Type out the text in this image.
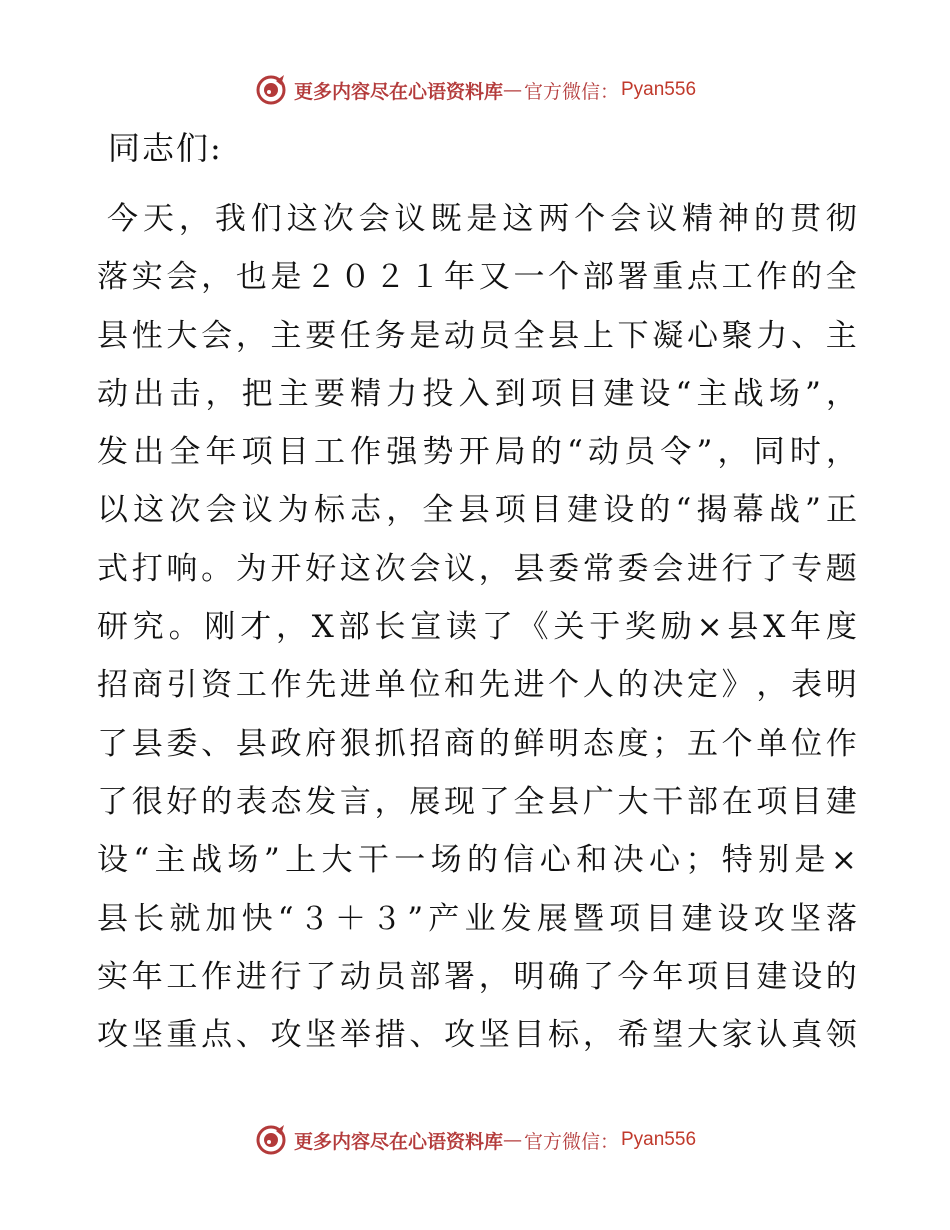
更多内容尽在心语资料库 — 官方微信： Pyan556
同志们:
今 天 ， 我 们 这 次 会 议 既 是 这 两 个 会 议 精 神 的 贯 彻
落 实 会 ， 也 是 ２ ０ ２ １ 年 又 一 个 部 署 重 点 工 作 的 全
县 性 大 会 ， 主 要 任 务 是 动 员 全 县 上 下 凝 心 聚 力 、 主
动 出 击 ， 把 主 要 精 力 投 入 到 项 目 建 设 “ 主 战 场 ” ，
发 出 全 年 项 目 工 作 强 势 开 局 的 “ 动 员 令 ” ， 同 时 ，
以 这 次 会 议 为 标 志 ， 全 县 项 目 建 设 的 “ 揭 幕 战 ” 正
式 打 响 。 为 开 好 这 次 会 议 ， 县 委 常 委 会 进 行 了 专 题
研 究 。 刚 才 ， X 部 长 宣 读 了 《 关 于 奖 励 × 县 X 年 度
招 商 引 资 工 作 先 进 单 位 和 先 进 个 人 的 决 定 》 ， 表 明
了 县 委 、 县 政 府 狠 抓 招 商 的 鲜 明 态 度 ； 五 个 单 位 作
了 很 好 的 表 态 发 言 ， 展 现 了 全 县 广 大 干 部 在 项 目 建
设 “ 主 战 场 ” 上 大 干 一 场 的 信 心 和 决 心 ； 特 别 是 ×
县 长 就 加 快 “ ３ ＋ ３ ” 产 业 发 展 暨 项 目 建 设 攻 坚 落
实 年 工 作 进 行 了 动 员 部 署 ， 明 确 了 今 年 项 目 建 设 的
攻 坚 重 点 、 攻 坚 举 措 、 攻 坚 目 标 ， 希 望 大 家 认 真 领
更多内容尽在心语资料库 — 官方微信： Pyan556
